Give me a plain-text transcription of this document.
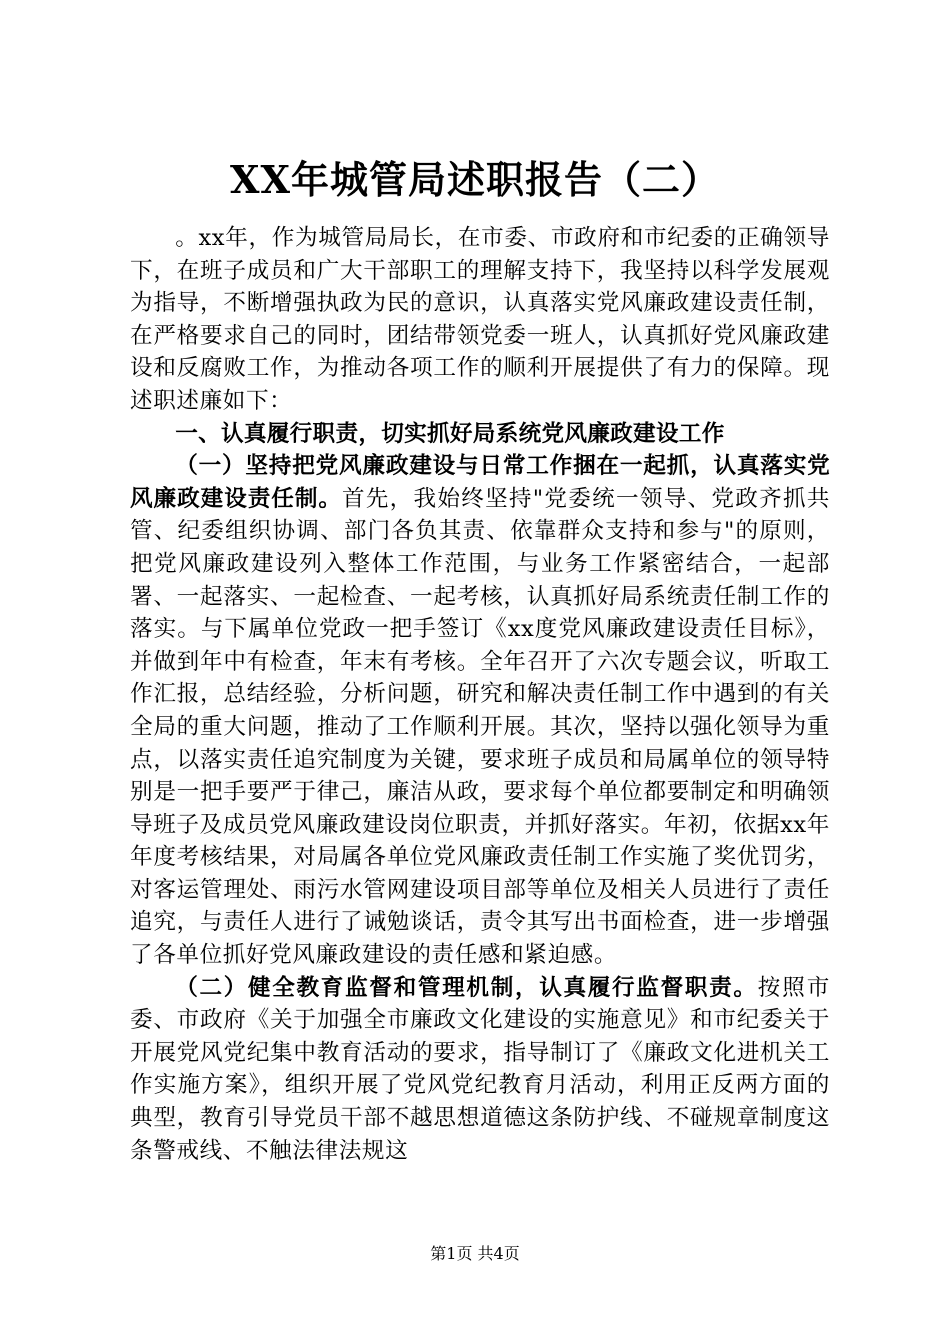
XX年城管局述职报告（二）

。xx年，作为城管局局长，在市委、市政府和市纪委的正确领导下，在班子成员和广大干部职工的理解支持下，我坚持以科学发展观为指导，不断增强执政为民的意识，认真落实党风廉政建设责任制，在严格要求自己的同时，团结带领党委一班人，认真抓好党风廉政建设和反腐败工作，为推动各项工作的顺利开展提供了有力的保障。现述职述廉如下：

一、认真履行职责，切实抓好局系统党风廉政建设工作

（一）坚持把党风廉政建设与日常工作捆在一起抓，认真落实党风廉政建设责任制。首先，我始终坚持"党委统一领导、党政齐抓共管、纪委组织协调、部门各负其责、依靠群众支持和参与"的原则，把党风廉政建设列入整体工作范围，与业务工作紧密结合，一起部署、一起落实、一起检查、一起考核，认真抓好局系统责任制工作的落实。与下属单位党政一把手签订《xx度党风廉政建设责任目标》，并做到年中有检查，年末有考核。全年召开了六次专题会议，听取工作汇报，总结经验，分析问题，研究和解决责任制工作中遇到的有关全局的重大问题，推动了工作顺利开展。其次，坚持以强化领导为重点，以落实责任追究制度为关键，要求班子成员和局属单位的领导特别是一把手要严于律己，廉洁从政，要求每个单位都要制定和明确领导班子及成员党风廉政建设岗位职责，并抓好落实。年初，依据xx年年度考核结果，对局属各单位党风廉政责任制工作实施了奖优罚劣，对客运管理处、雨污水管网建设项目部等单位及相关人员进行了责任追究，与责任人进行了诫勉谈话，责令其写出书面检查，进一步增强了各单位抓好党风廉政建设的责任感和紧迫感。

（二）健全教育监督和管理机制，认真履行监督职责。按照市委、市政府《关于加强全市廉政文化建设的实施意见》和市纪委关于开展党风党纪集中教育活动的要求，指导制订了《廉政文化进机关工作实施方案》，组织开展了党风党纪教育月活动，利用正反两方面的典型，教育引导党员干部不越思想道德这条防护线、不碰规章制度这条警戒线、不触法律法规这

第1页 共4页
